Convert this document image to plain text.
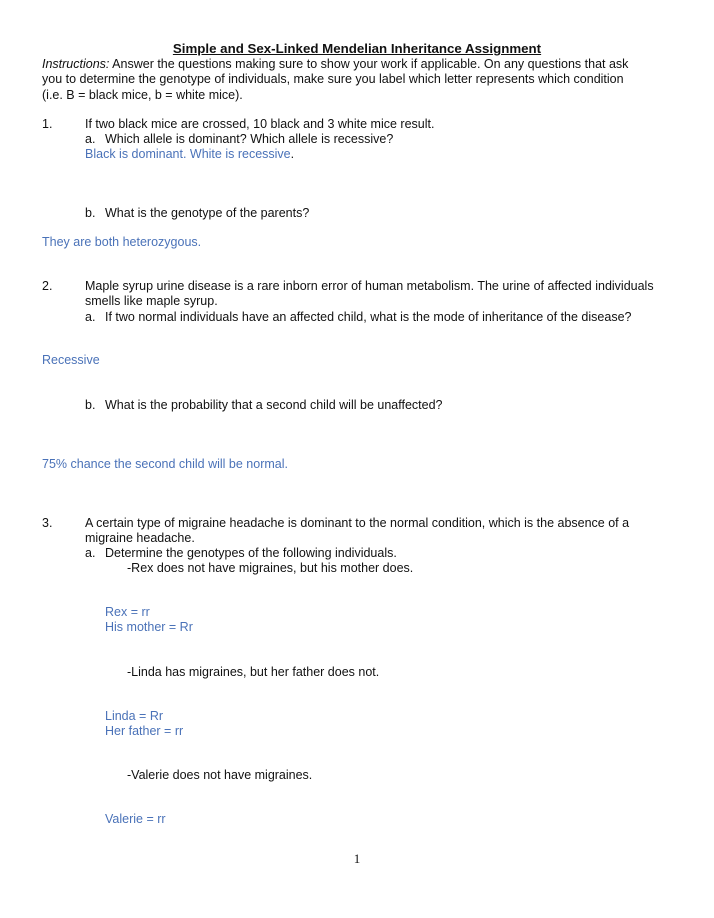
Simple and Sex-Linked Mendelian Inheritance Assignment
Instructions: Answer the questions making sure to show your work if applicable. On any questions that ask
you to determine the genotype of individuals, make sure you label which letter represents which condition
(i.e. B = black mice, b = white mice).
1.	If two black mice are crossed, 10 black and 3 white mice result.
a. Which allele is dominant? Which allele is recessive?
Black is dominant. White is recessive.
b. What is the genotype of the parents?
They are both heterozygous.
2.	Maple syrup urine disease is a rare inborn error of human metabolism. The urine of affected individuals
smells like maple syrup.
a. If two normal individuals have an affected child, what is the mode of inheritance of the disease?
Recessive
b. What is the probability that a second child will be unaffected?
75% chance the second child will be normal.
3.	A certain type of migraine headache is dominant to the normal condition, which is the absence of a
migraine headache.
a. Determine the genotypes of the following individuals.
-Rex does not have migraines, but his mother does.
Rex = rr
His mother = Rr
-Linda has migraines, but her father does not.
Linda = Rr
Her father = rr
-Valerie does not have migraines.
Valerie = rr
1
